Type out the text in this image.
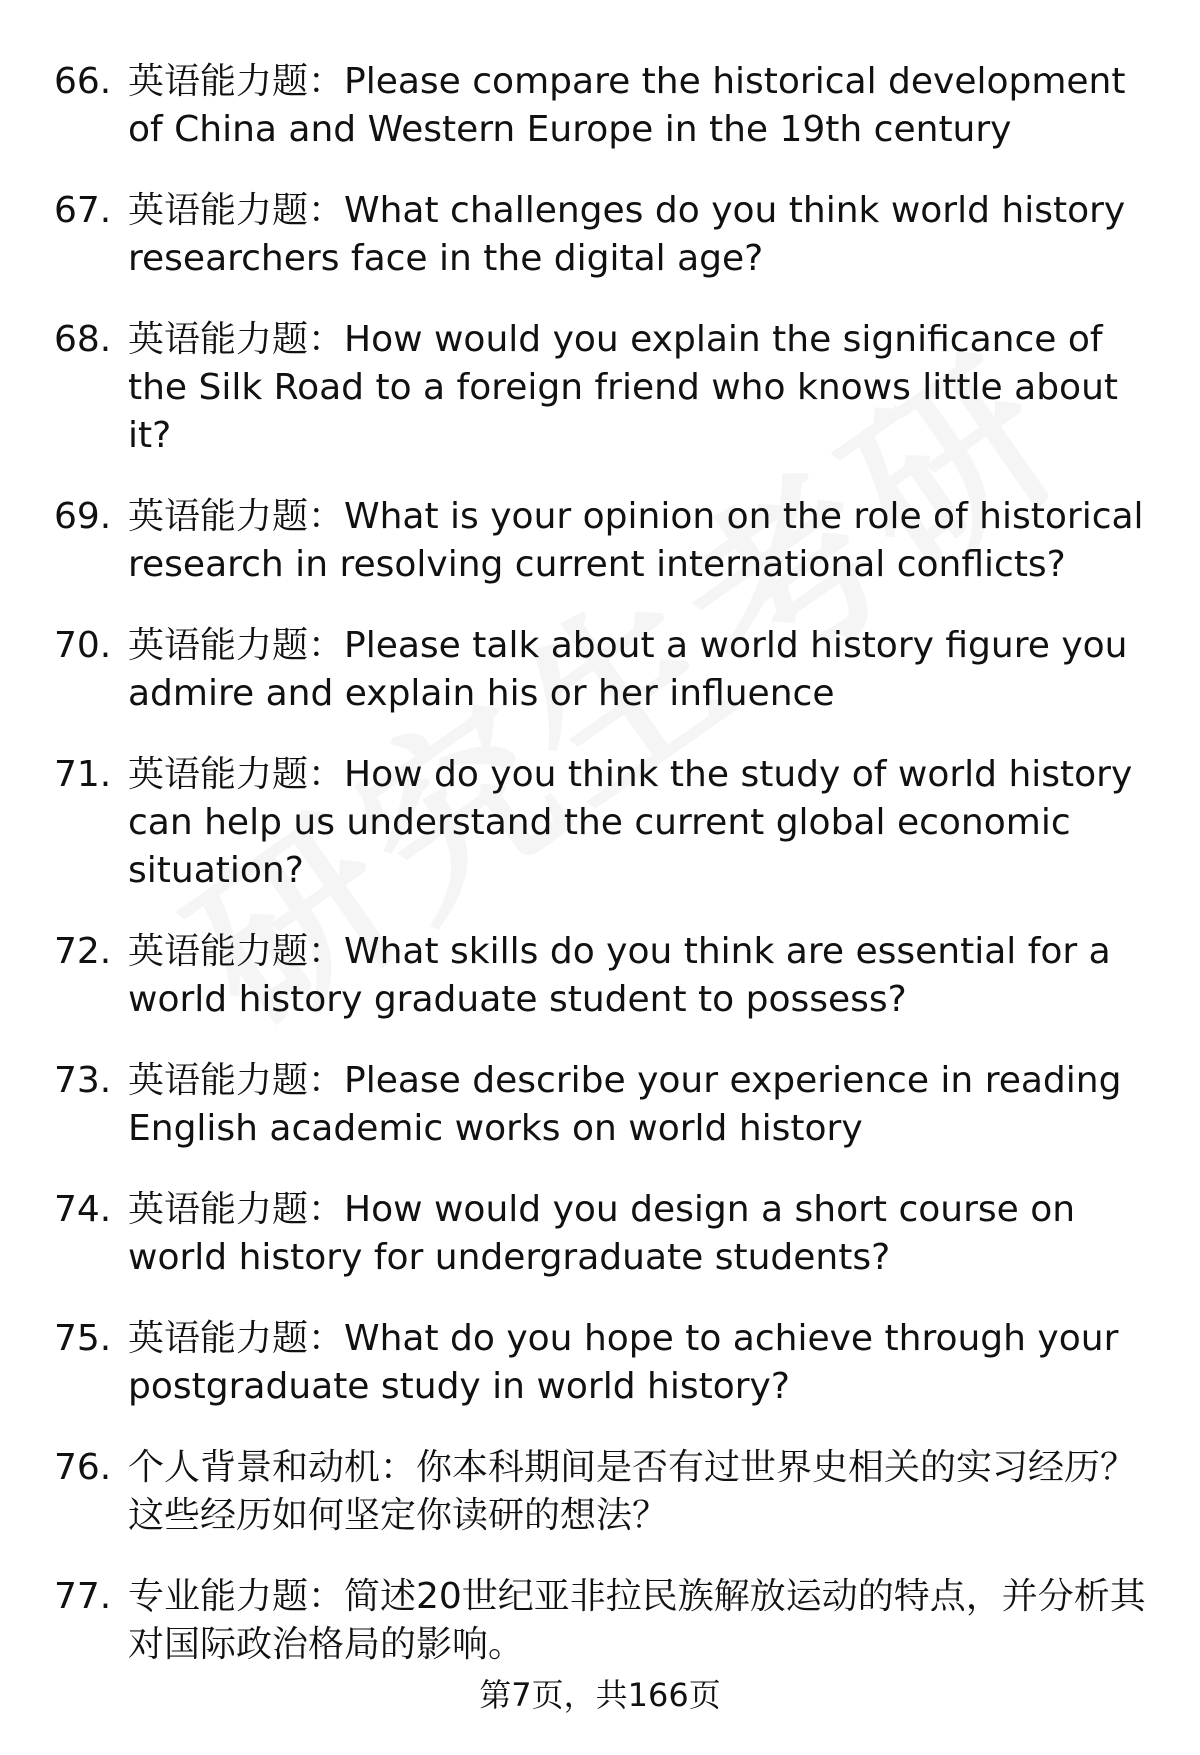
66. 英语能力题：Please compare the historical development of China and Western Europe in the 19th century
67. 英语能力题：What challenges do you think world history researchers face in the digital age?
68. 英语能力题：How would you explain the significance of the Silk Road to a foreign friend who knows little about it?
69. 英语能力题：What is your opinion on the role of historical research in resolving current international conflicts?
70. 英语能力题：Please talk about a world history figure you admire and explain his or her influence
71. 英语能力题：How do you think the study of world history can help us understand the current global economic situation?
72. 英语能力题：What skills do you think are essential for a world history graduate student to possess?
73. 英语能力题：Please describe your experience in reading English academic works on world history
74. 英语能力题：How would you design a short course on world history for undergraduate students?
75. 英语能力题：What do you hope to achieve through your postgraduate study in world history?
76. 个人背景和动机：你本科期间是否有过世界史相关的实习经历？这些经历如何坚定你读研的想法？
77. 专业能力题：简述20世纪亚非拉民族解放运动的特点，并分析其对国际政治格局的影响。
第7页，共166页
